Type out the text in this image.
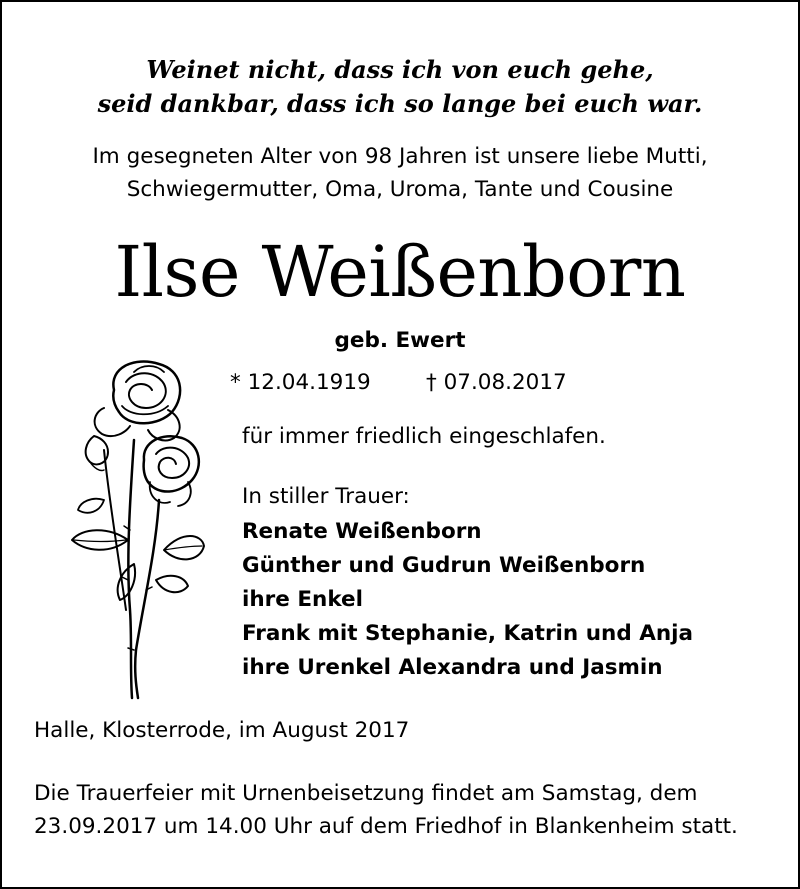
Weinet nicht, dass ich von euch gehe,
seid dankbar, dass ich so lange bei euch war.
Im gesegneten Alter von 98 Jahren ist unsere liebe Mutti,
Schwiegermutter, Oma, Uroma, Tante und Cousine
Ilse Weißenborn
geb. Ewert
* 12.04.1919	† 07.08.2017
für immer friedlich eingeschlafen.
In stiller Trauer:
Renate Weißenborn
Günther und Gudrun Weißenborn
ihre Enkel
Frank mit Stephanie, Katrin und Anja
ihre Urenkel Alexandra und Jasmin
Halle, Klosterrode, im August 2017
Die Trauerfeier mit Urnenbeisetzung findet am Samstag, dem
23.09.2017 um 14.00 Uhr auf dem Friedhof in Blankenheim statt.
